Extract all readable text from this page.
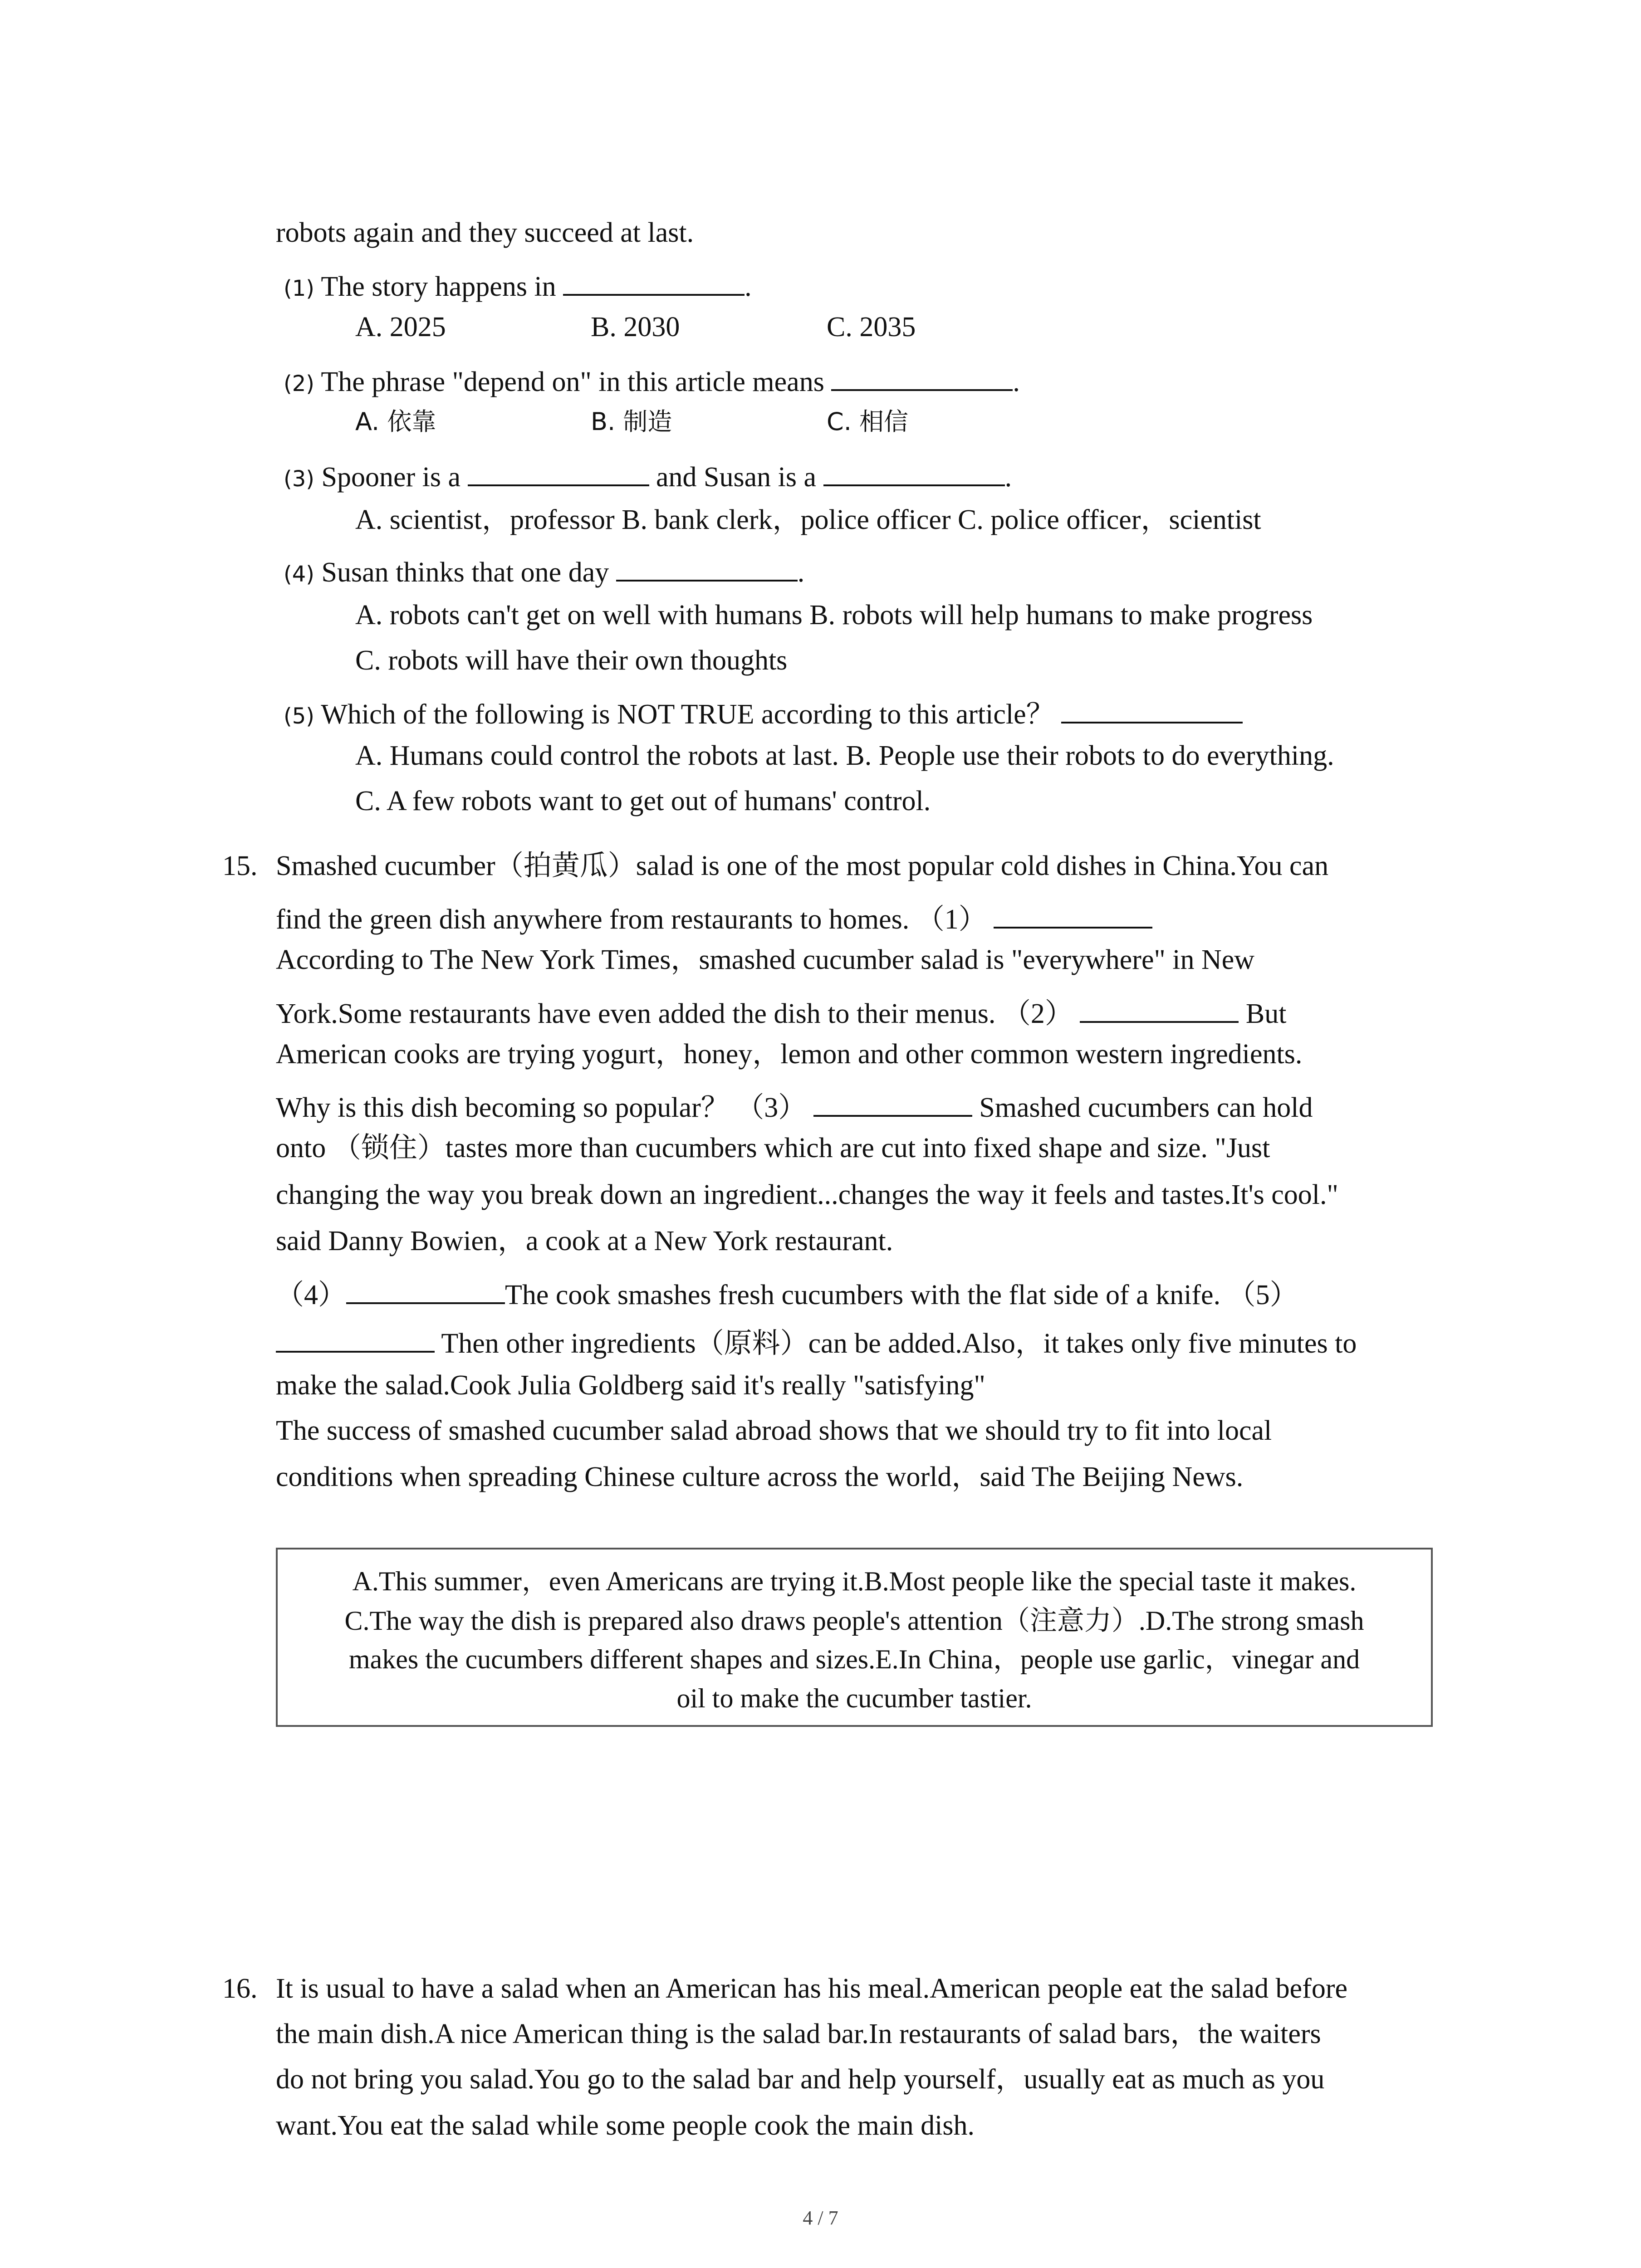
robots again and they succeed at last.
(1) The story happens in	.
A. 2025	B. 2030	C. 2035
(2) The phrase "depend on" in this article means	.
A. 依靠	B. 制造	C. 相信
(3) Spooner is a	and Susan is a	.
A. scientist，professor B. bank clerk，police officer C. police officer，scientist
(4) Susan thinks that one day	.
A. robots can't get on well with humans B. robots will help humans to make progress
C. robots will have their own thoughts
(5) Which of the following is NOT TRUE according to this article？
A. Humans could control the robots at last. B. People use their robots to do everything.
C. A few robots want to get out of humans' control.
15. Smashed cucumber（拍黄瓜）salad is one of the most popular cold dishes in China.You can
find the green dish anywhere from restaurants to homes. （1）
According to The New York Times，smashed cucumber salad is "everywhere" in New
York.Some restaurants have even added the dish to their menus. （2）	But
American cooks are trying yogurt，honey，lemon and other common western ingredients.
Why is this dish becoming so popular？ （3）	Smashed cucumbers can hold
onto （锁住）tastes more than cucumbers which are cut into fixed shape and size. "Just
changing the way you break down an ingredient...changes the way it feels and tastes.It's cool."
said Danny Bowien，a cook at a New York restaurant.
（4）	The cook smashes fresh cucumbers with the flat side of a knife. （5）
Then other ingredients（原料）can be added.Also，it takes only five minutes to
make the salad.Cook Julia Goldberg said it's really "satisfying"
The success of smashed cucumber salad abroad shows that we should try to fit into local
conditions when spreading Chinese culture across the world，said The Beijing News.
A.This summer，even Americans are trying it.B.Most people like the special taste it makes.
C.The way the dish is prepared also draws people's attention（注意力）.D.The strong smash
makes the cucumbers different shapes and sizes.E.In China，people use garlic，vinegar and
oil to make the cucumber tastier.
16. It is usual to have a salad when an American has his meal.American people eat the salad before
the main dish.A nice American thing is the salad bar.In restaurants of salad bars，the waiters
do not bring you salad.You go to the salad bar and help yourself，usually eat as much as you
want.You eat the salad while some people cook the main dish.
4 / 7
